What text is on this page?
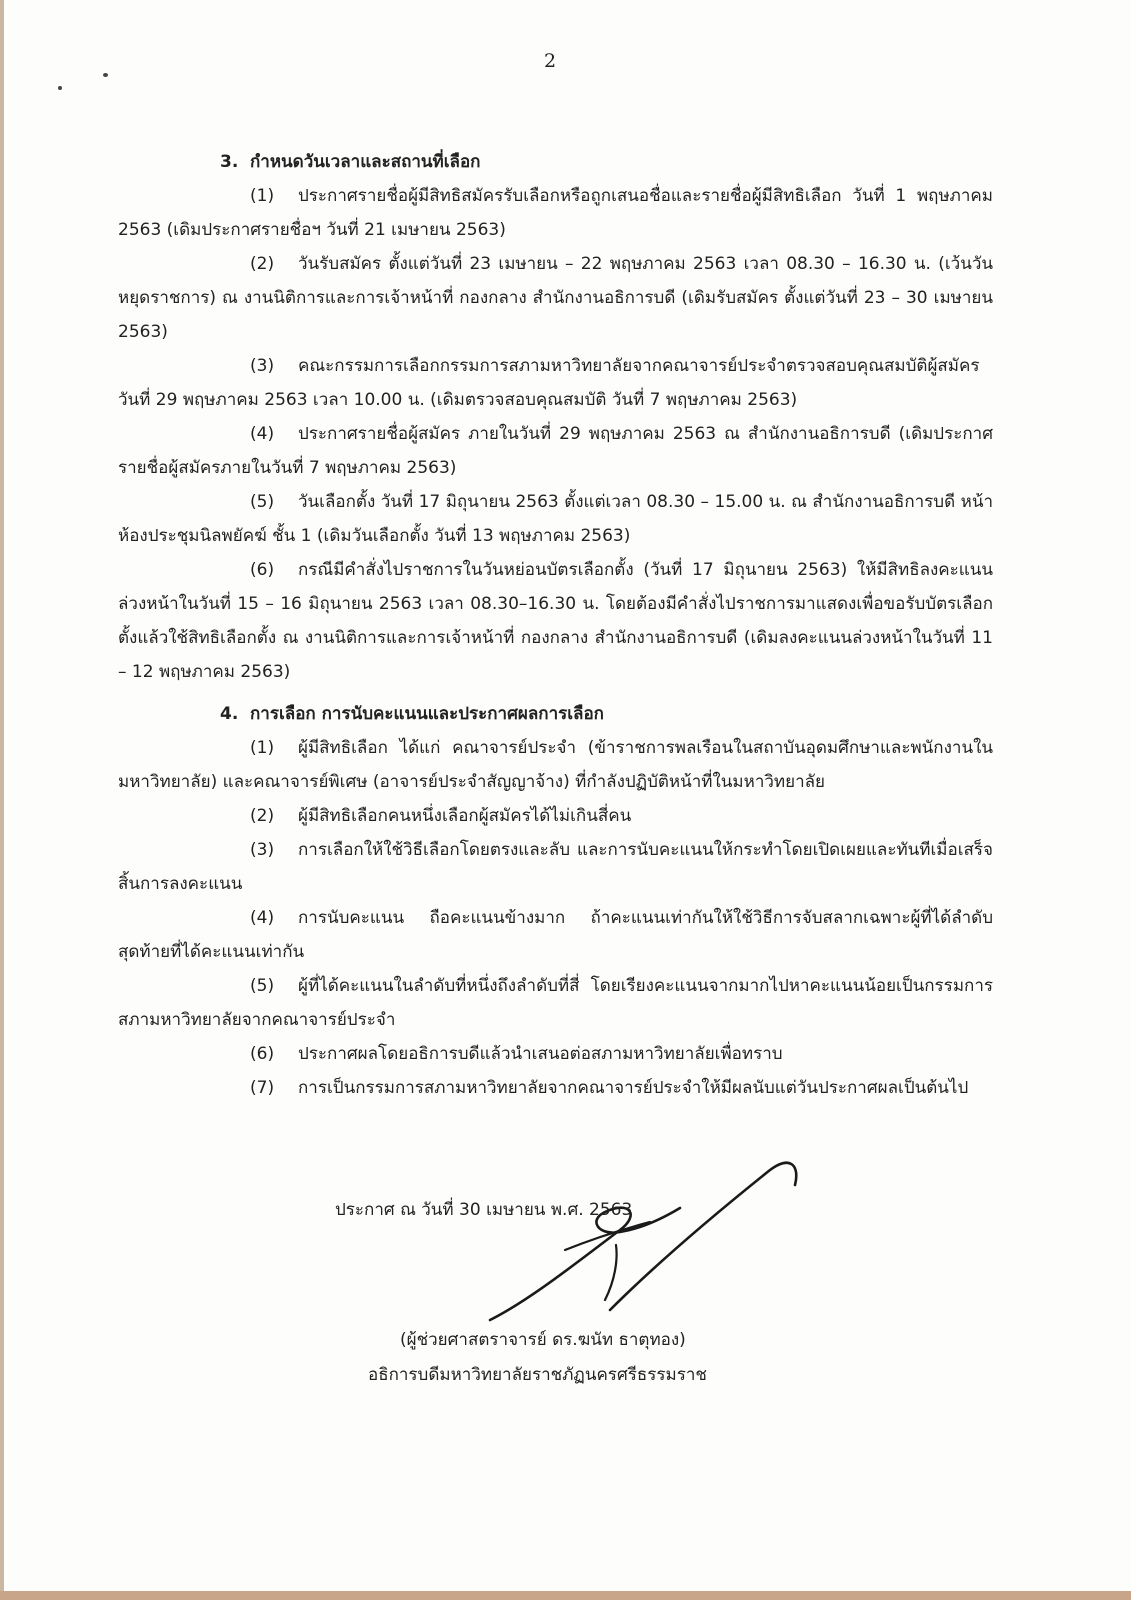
2
3. กำหนดวันเวลาและสถานที่เลือก
(1) ประกาศรายชื่อผู้มีสิทธิสมัครรับเลือกหรือถูกเสนอชื่อและรายชื่อผู้มีสิทธิเลือก วันที่ 1 พฤษภาคม 2563 (เดิมประกาศรายชื่อฯ วันที่ 21 เมษายน 2563)
(2) วันรับสมัคร ตั้งแต่วันที่ 23 เมษายน – 22 พฤษภาคม 2563 เวลา 08.30 – 16.30 น. (เว้นวันหยุดราชการ) ณ งานนิติการและการเจ้าหน้าที่ กองกลาง สำนักงานอธิการบดี (เดิมรับสมัคร ตั้งแต่วันที่ 23 – 30 เมษายน 2563)
(3) คณะกรรมการเลือกกรรมการสภามหาวิทยาลัยจากคณาจารย์ประจำตรวจสอบคุณสมบัติผู้สมัคร วันที่ 29 พฤษภาคม 2563 เวลา 10.00 น. (เดิมตรวจสอบคุณสมบัติ วันที่ 7 พฤษภาคม 2563)
(4) ประกาศรายชื่อผู้สมัคร ภายในวันที่ 29 พฤษภาคม 2563 ณ สำนักงานอธิการบดี (เดิมประกาศรายชื่อผู้สมัครภายในวันที่ 7 พฤษภาคม 2563)
(5) วันเลือกตั้ง วันที่ 17 มิถุนายน 2563 ตั้งแต่เวลา 08.30 – 15.00 น. ณ สำนักงานอธิการบดี หน้าห้องประชุมนิลพยัคฆ์ ชั้น 1 (เดิมวันเลือกตั้ง วันที่ 13 พฤษภาคม 2563)
(6) กรณีมีคำสั่งไปราชการในวันหย่อนบัตรเลือกตั้ง (วันที่ 17 มิถุนายน 2563) ให้มีสิทธิลงคะแนนล่วงหน้าในวันที่ 15 – 16 มิถุนายน 2563 เวลา 08.30–16.30 น. โดยต้องมีคำสั่งไปราชการมาแสดงเพื่อขอรับบัตรเลือกตั้งแล้วใช้สิทธิเลือกตั้ง ณ งานนิติการและการเจ้าหน้าที่ กองกลาง สำนักงานอธิการบดี (เดิมลงคะแนนล่วงหน้าในวันที่ 11 – 12 พฤษภาคม 2563)
4. การเลือก การนับคะแนนและประกาศผลการเลือก
(1) ผู้มีสิทธิเลือก ได้แก่ คณาจารย์ประจำ (ข้าราชการพลเรือนในสถาบันอุดมศึกษาและพนักงานในมหาวิทยาลัย) และคณาจารย์พิเศษ (อาจารย์ประจำสัญญาจ้าง) ที่กำลังปฏิบัติหน้าที่ในมหาวิทยาลัย
(2) ผู้มีสิทธิเลือกคนหนึ่งเลือกผู้สมัครได้ไม่เกินสี่คน
(3) การเลือกให้ใช้วิธีเลือกโดยตรงและลับ และการนับคะแนนให้กระทำโดยเปิดเผยและทันทีเมื่อเสร็จสิ้นการลงคะแนน
(4) การนับคะแนน ถือคะแนนข้างมาก ถ้าคะแนนเท่ากันให้ใช้วิธีการจับสลากเฉพาะผู้ที่ได้ลำดับสุดท้ายที่ได้คะแนนเท่ากัน
(5) ผู้ที่ได้คะแนนในลำดับที่หนึ่งถึงลำดับที่สี่ โดยเรียงคะแนนจากมากไปหาคะแนนน้อยเป็นกรรมการสภามหาวิทยาลัยจากคณาจารย์ประจำ
(6) ประกาศผลโดยอธิการบดีแล้วนำเสนอต่อสภามหาวิทยาลัยเพื่อทราบ
(7) การเป็นกรรมการสภามหาวิทยาลัยจากคณาจารย์ประจำให้มีผลนับแต่วันประกาศผลเป็นต้นไป
ประกาศ ณ วันที่ 30 เมษายน พ.ศ. 2563
(ผู้ช่วยศาสตราจารย์ ดร.ฆนัท ธาตุทอง)
อธิการบดีมหาวิทยาลัยราชภัฏนครศรีธรรมราช
